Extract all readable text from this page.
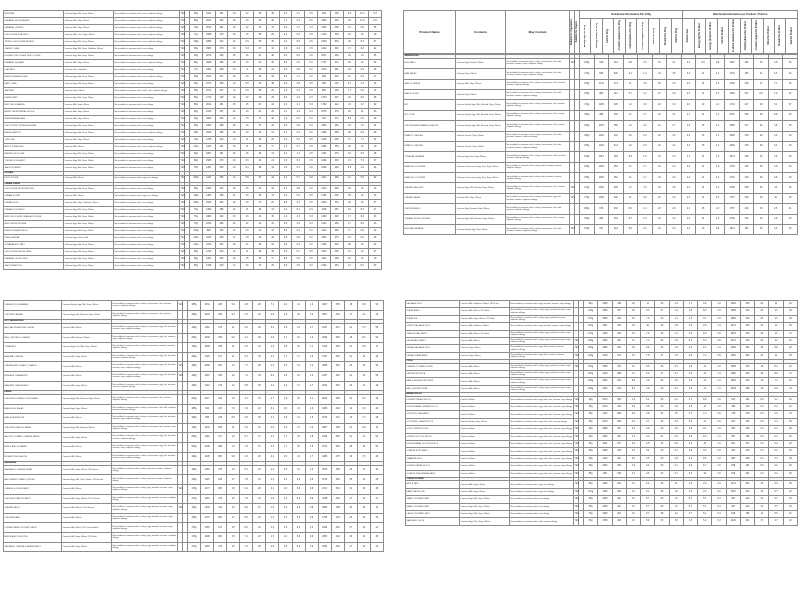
BROWNIE	Contains Egg, Milk, Soya, Wheat	Not suitable for someone with a nuts, sulphites allergy.	YES		95g	1932	461	24	12	55	38	3.1	4.1	0.5	438	105	5.6	11.4	5.3
CARAMEL SHORTBREAD	Contains Milk, Soya, Wheat	Not suitable for someone with a nuts, sulphites allergy.	YES		89g	2022	483	26	16	59	40	1.1	4.3	0.5	1800	430	23	14.3	8.9
CARAMEL CRISPIE	Contains Milk, Soya, Wheat	Not suitable for someone with a nuts, sulphites allergy.	YES		79g	2012	481	20	12	70	44	2.0	4.7	0.4	1590	380	16	9.5	55
CHOCOLATE FLAPJACK	Contains Milk, Oats, Soya, Wheat	Not suitable for someone with a nuts, sulphites allergy.	YES		71g	1998	478	26	14	55	29	4.2	6.3	0.3	1420	339	19	10	39
TRIPLE CHOCOLATE MUFFIN	Contains Egg, Milk, Soya, Wheat	Not suitable for someone with a nuts, sulphites allergy.	YES		120g	1858	444	21	6.9	56	35	2.2	5.9	0.6	2230	533	25	8.3	67
CARROT CAKE	Contains Egg, Milk, Soya, Sulphites, Wheat	Not suitable for someone with a nuts allergy.	YES		90g	1580	378	19	5.3	47	32	1.8	4.0	0.5	1422	340	17	4.8	42
DOUBLE CHOCOLATE CHIP COOKIE	Contains Egg, Milk, Soya, Wheat	Not suitable for someone with a nuts allergy.	YES		90g	2079	496	25	16	61	38	4.0	6.0	0.6	1871	446	22	14	55
CARAMEL SQUARE	Contains Milk, Soya, Wheat	Not suitable for someone with a nuts, sulphites allergy.	YES		86g	2008	480	25	14	61	45	0.9	4.0	0.4	1727	413	22	12	52
FLAPJACK	Contains Oats, Sulphites	Not suitable for someone with a nuts allergy.	YES		77g	1961	469	23	9	59	31	3.9	5.8	0.2	1510	361	18	6.9	45
FRESH CREAM ECLAIR	Contains Egg, Milk, Soya, Wheat	Not suitable for someone with a nuts, sulphites allergy.	YES		60g	1543	371	26	16	29	18	0.8	4.7	0.2	926	223	16	9.6	17
FAIRY CAKE	Contains Egg, Milk, Soya, Wheat	Not suitable for someone with a nuts allergy.	YES		35g	1673	399	19	6.5	53	38	0.6	3.8	0.5	586	140	6.7	2.3	19
JAM TART	Contains Soya, Wheat	Not suitable for someone with a milk, nuts, sulphites allergy.	YES		55g	1572	374	14	6.6	59	29	1.6	3.3	0.3	865	206	7.7	3.6	32
LEMON TART	Contains Egg, Milk, Soya, Wheat	Not suitable for someone with a nuts allergy.	YES		80g	1713	409	22	12	48	29	0.6	4.6	0.3	1370	327	18	9.6	38
MINT MILLIONAIRES	Contains Milk, Soya, Wheat	Not suitable for someone with a nuts allergy.	YES		86g	2014	481	25	15	61	44	1.0	4.1	0.4	1732	414	22	13	52
BERRY SHORTBREAD ROULE	Contains Milk, Soya, Wheat	Not suitable for someone with a nuts allergy.	YES		82g	1915	457	22	13	61	28	1.4	4.2	0.4	1570	375	18	11	50
GINGERBREAD MAN	Contains Milk, Soya, Wheat	Not suitable for someone with a nuts allergy.	YES		40g	1800	430	14	7.5	72	40	1.4	5.0	0.4	720	172	5.6	3.0	29
CHOCOLATE TOFFEE BROWNIE	Contains Egg, Milk, Soya, Wheat	Not suitable for someone with a nuts allergy.	YES		95g	1962	468	25	14	57	42	2.6	4.8	0.4	1864	445	24	13	54
DANISH PASTRY	Contains Egg, Milk, Soya, Wheat	Not suitable for someone with a nuts, sulphites allergy.	YES		98g	1529	365	20	10	40	14	2.1	5.4	0.6	1498	358	20	9.8	39
YUM YUM	Contains Milk, Soya, Wheat	Not suitable for someone with a nuts allergy.	YES		70g	1768	422	24	11	46	20	1.6	5.3	0.5	1238	295	17	7.7	32
APPLE TURNOVER	Contains Milk, Wheat	Not suitable for someone with a nuts, sulphites allergy.	YES		110g	1345	321	18	11	36	17	1.3	3.7	0.3	1480	353	20	12	40
PAIN AU CHOCOLAT	Contains Egg, Milk, Soya, Wheat	Not suitable for someone with a nuts allergy.	YES		60g	1887	451	26	16	46	13	2.4	7.4	0.8	1132	270	16	9.6	28
TOFFEE DOUGHNUT	Contains Egg, Milk, Soya, Wheat	Not suitable for someone with a nuts allergy.	YES		80g	1586	379	19	9.5	46	21	1.5	5.3	0.5	1269	303	15	7.6	37
JAM DOUGHNUT	Contains Egg, Milk, Soya, Wheat	Not suitable for someone with a nuts allergy.	YES		75g	1381	330	13	6.1	48	19	1.8	5.4	0.6	1036	248	9.8	4.6	36
SCONES																			
FRUIT SCONE	Contains Milk, Wheat	Not suitable for someone with a egg, nuts allergy.	YES		100g	1411	336	11	5.5	52	19	2.3	6.7	0.8	1411	336	11	5.5	52
CREAM CAKES																			
CHOCOLATE PROFITEROLES	Contains Egg, Milk, Soya, Wheat	Not suitable for someone with a nuts allergy.	YES		95g	1309	313	24	15	20	15	0.7	3.8	0.2	1244	298	23	14	19
CREAM SCONE	Contains Milk, Wheat	Not suitable for someone with a egg, nuts allergy.	YES		120g	1483	355	21	13	36	13	1.6	5.2	0.6	1780	426	25	16	43
CREAM SLICE	Contains Milk, Soya, Sulphites, Wheat	Not suitable for someone with a nuts allergy.	YES		100g	1520	364	22	13	37	21	0.8	3.1	0.2	1520	364	22	13	37
CREAM DOUGHNUT	Contains Egg, Milk, Soya, Wheat	Not suitable for someone with a nuts allergy.	YES		75g	1490	356	21	11	36	13	1.4	5.1	0.4	1118	267	16	8.3	27
MINI CHOCOLATE ORANGE SPONGE	Contains Egg, Milk, Soya, Wheat	Not suitable for someone with a nuts allergy.	YES		75g	1680	402	23	13	44	30	1.0	4.3	0.3	1260	302	17	9.8	33
MINI LEMON SPONGE	Contains Egg, Milk, Soya, Wheat	Not suitable for someone with a nuts allergy.	YES		75g	1630	390	22	12	44	31	0.6	4.0	0.3	1223	293	17	9.0	33
FRESH CREAM TRIFLE	Contains Egg, Milk, Soya, Wheat	Not suitable for someone with a nuts allergy.	YES		150g	808	193	11	6.5	21	16	0.5	2.3	0.1	1212	290	17	9.8	32
PEACH MELBA	Contains Egg, Gluten, Milk	Not suitable for someone with a nuts allergy.	YES		110g	1045	250	17	7.8	23	18	0.8	2.8	0.2	1150	275	19	8.6	25
STRAWBERRY TART	Contains Egg, Milk, Soya, Wheat	Not suitable for someone with a nuts allergy.	YES		110g	1230	294	18	11	29	16	1.0	3.4	0.2	1353	323	20	12	32
CHOCOLATE FUDGE CAKE	Contains Egg, Milk, Soya, Wheat	Not suitable for someone with a nuts allergy.	YES		95g	1740	416	22	11	49	36	2.5	5.1	0.5	1653	395	21	10	47
CARAMEL CHOUX BUN	Contains Egg, Milk, Soya, Wheat	Not suitable for someone with a nuts allergy.	YES		80g	1403	335	24	15	25	17	0.5	3.6	0.2	1122	268	19	12	20
JAM CREAM ROLL	Contains Egg, Milk, Soya, Wheat	Not suitable for someone with a nuts allergy.	YES		80g	1328	318	17	10	37	25	0.9	3.5	0.2	1062	254	14	8.0	30
Product Name	Contents	May Contain	Suitable for Vegetarians	Suitable for Vegans	Nutritional Information Per 100g									Nutritional Information per Product / Portion									
					Energy (kj) Per 100g	Energy (kcal) Per 100g	Fat Per 100g	of which saturates Per 100g	Carbohydrates Per 100g	of which sugars Per 100g	Fibre Per 100g	Protein Per 100g	Salt Per 100g	Portion Size	Energy (kj) Per Portion	Energy (kcal) Per Portion	Fat Per Portion	of which saturates Per Portion	Carbohydrates Per Portion	of which sugars Per Portion	Fibre Per Portion	Protein Per Portion	Salt Per Portion
SANDWICHES																			
EGG MAYO	Contains Egg, Mustard, Wheat	Not suitable for someone with a celery, crustaceans, fish, milk, mustard, sesame, soya, sulphites allergy.	YES		165g	918	219	9.8	2.3	22	3.1	2.3	9.9	0.9	1515	362	16	3.8	36
HAM SALAD	Contains Soya, Wheat	Not suitable for someone with a celery, crustaceans, fish, milk, mustard, sesame, soya, sulphites allergy.			175g	840	200	6.1	1.3	24	3.5	2.4	11	1.2	1470	350	11	2.3	42
HAM & CHEESE	Contains Milk, Soya, Wheat	Not suitable for someone with a celery, crustaceans, fish, mustard, sesame, sulphites allergy.			155g	1141	273	11	4.6	25	3.0	2.0	16	1.5	1769	423	17	7.1	39
HAM & PICKLE	Contains Soya, Wheat	Not suitable for someone with a celery, crustaceans, fish, milk, mustard, sesame, sulphites allergy.			155g	883	211	5.7	1.2	27	6.0	2.3	11	1.4	1369	327	8.8	1.9	42
BLT	Contains Barley, Egg, Milk, Mustard, Soya, Wheat	Not suitable for someone with a celery, crustaceans, fish, sesame, sulphites allergy.			170g	1025	245	12	3.0	22	3.4	2.0	10	1.2	1743	417	20	5.1	37
BLT CLUB	Contains Barley, Egg, Milk, Mustard, Soya, Wheat	Not suitable for someone with a celery, crustaceans, fish, sesame, sulphites allergy.			250g	988	236	11	2.7	22	3.1	2.1	11	1.1	2470	590	28	6.8	55
CHICKEN MAYONNAISE & BACON	Contains Barley, Egg, Milk, Mustard, Soya, Wheat	Not suitable for someone with a celery, crustaceans, fish, sesame, sulphites allergy.			185g	1079	258	12	2.6	21	2.7	1.8	16	1.1	1996	477	22	4.8	39
PEANUT CHICKEN	Contains Peanut, Soya, Wheat	Not suitable for someone with a celery, crustaceans, fish, milk, mustard, sesame, sulphites allergy.			180g	1022	244	10	1.8	22	4.1	2.3	15	1.1	1840	439	18	3.2	40
PEANUT CHICKEN	Contains Peanut, Soya, Wheat	Not suitable for someone with a celery, crustaceans, fish, milk, mustard, sesame, sulphites allergy.			180g	1022	244	10	1.8	22	4.1	2.3	15	1.1	1840	439	18	3.2	40
TUNA MAYONNAISE	Contains Egg, Fish, Soya, Wheat	Not suitable for someone with a celery, crustaceans, milk, mustard, sesame, sulphites allergy.			165g	1014	242	9.9	1.5	22	2.4	2.1	14	1.0	1673	400	16	2.5	36
SEAFOOD COCKTAIL	Contains Crustaceans, Egg, Fish, Soya, Wheat	Not suitable for someone with a celery, milk, mustard, sesame, sulphites allergy.			165g	1062	254	11	1.7	24	3.2	2.0	11	1.3	1752	419	18	2.8	40
SEAFOOD COCKTAIL	Contains Crustaceans, Egg, Fish, Soya, Wheat	Not suitable for someone with a celery, milk, mustard, sesame, sulphites allergy.			165g	1062	254	11	1.7	24	3.2	2.0	11	1.3	1752	419	18	2.8	40
CHEESE SAVOURY	Contains Egg, Milk, Mustard, Soya, Wheat	Not suitable for someone with a celery, crustaceans, fish, sesame, sulphites allergy.	YES		170g	1291	309	17	7.6	23	3.6	2.1	14	1.3	2195	525	29	13	39
CHEESE SALAD	Contains Milk, Soya, Wheat	Not suitable for someone with a celery, crustaceans, egg, fish, mustard, sesame, sulphites allergy.	YES		175g	1004	240	11	5.9	22	3.3	2.3	11	1.0	1757	420	19	10	39
CHICKEN MAYO	Contains Egg, Mustard, Soya, Wheat	Not suitable for someone with a celery, crustaceans, fish, milk, sesame, sulphites allergy.			180g	976	233	8.6	1.4	23	2.6	2.1	15	1.0	1757	419	15	2.5	41
CREAMY SPICE CHICKEN	Contains Egg, Milk, Mustard, Soya, Wheat	Not suitable for someone with a celery, crustaceans, fish, sesame, sulphites allergy.			180g	966	231	8.7	1.6	24	4.2	2.0	14	1.2	1739	416	16	2.9	43
EGG MAYONNAISE	Contains Barley, Egg, Soya, Wheat	Not suitable for someone with a celery, crustaceans, fish, milk, mustard, sesame, sulphites allergy.	YES		165g	917	219	9.5	2.2	22	2.9	2.3	10	0.9	1513	361	16	3.6	36
CHEESE PLOUGHMANS	Contains Barley, Egg, Milk, Soya, Wheat	Not suitable for someone with a celery, crustaceans, fish, mustard, sesame, sulphites allergy.	YES		185g	1031	246	9.9	4.8	28	7.2	2.4	11	1.2	1907	455	18	8.9	52
CHICKEN CAESAR	Contains Egg, Milk, Mustard, Soya, Wheat	Not suitable for someone with a celery, crustaceans, fish, sesame, sulphites allergy.			180g	1004	240	9.3	2.3	22	2.5	1.9	16	1.2	1807	432	17	4.1	40
HOT SANDWICHES																			
BBQ BACON AND RED ONION	Contains Milk, Wheat	Not suitable for someone with a celery, crustaceans, egg, fish, mustard, sesame, soya, sulphites allergy.			190g	1130	270	11	4.0	29	5.2	1.9	13	1.7	2147	513	21	7.6	55
BBQ CHICKEN & CHEESE	Contains Milk, Mustard, Wheat	Not suitable for someone with a celery, crustaceans, egg, fish, sesame, soya, sulphites allergy.			200g	1046	250	9.0	4.1	26	4.8	1.7	16	1.3	2092	500	18	8.2	52
TUNA MELT	Contains Egg, Fish, Milk, Soya, Wheat	Not suitable for someone with a celery, crustaceans, mustard, sesame, sulphites allergy.			195g	1085	259	11	4.5	24	2.6	1.8	15	1.1	2116	505	21	8.8	47
HAM AND CHEESE	Contains Milk, Soya, Wheat	Not suitable for someone with a celery, crustaceans, egg, fish, mustard, sesame, sulphites allergy.			190g	1135	271	11	5.3	26	3.2	1.7	17	1.6	2157	515	21	10	49
CHEESE AND TOMATO TOASTIE	Contains Milk, Wheat	Not suitable for someone with a celery, crustaceans, egg, fish, mustard, sesame, soya, sulphites allergy.	YES		180g	1260	301	14	7.7	28	4.2	1.8	14	1.2	2268	542	25	14	50
BRIE AND CRANBERRY	Contains Milk, Wheat	Not suitable for someone with a celery, crustaceans, egg, fish, mustard, sesame, soya, sulphites allergy.	YES		180g	1215	290	12	7.4	33	8.6	1.8	12	1.0	2187	522	22	13	59
HAM AND CHEESE MELT	Contains Milk, Soya, Wheat	Not suitable for someone with a celery, crustaceans, egg, fish, mustard, sesame, sulphites allergy.			195g	1140	273	12	5.8	25	3.0	1.6	17	1.7	2223	532	23	11	49
PANINI																			
CHICKEN & GREEN OLIVE SALAD	Contains Egg, Milk, Mustard, Soya, Wheat	Not suitable for someone with a celery, crustaceans, fish, sesame, sulphites allergy.			200g	1017	243	10	3.1	23	2.7	1.9	15	1.1	2034	486	20	6.2	46
HAM & EGG SALAD	Contains Egg, Soya, Wheat	Not suitable for someone with a celery, crustaceans, fish, milk, mustard, sesame, sulphites allergy.			185g	910	217	7.4	1.6	24	3.1	2.0	13	1.3	1684	402	14	3.0	44
HAM & MUSHROOM	Contains Milk, Wheat	Not suitable for someone with a celery, crustaceans, egg, fish, mustard, sesame, soya, sulphites allergy.			190g	985	235	8.5	3.9	25	2.1	1.8	14	1.5	1872	447	16	7.4	48
CHICKEN & BACON SALAD	Contains Egg, Milk, Mustard, Wheat	Not suitable for someone with a celery, crustaceans, fish, sesame, soya, sulphites allergy.			195g	1070	256	11	3.4	22	2.5	1.8	17	1.3	2087	499	21	6.6	43
BACON & TOMATO CHEESE PANINI	Contains Milk, Soya, Wheat	Not suitable for someone with a celery, crustaceans, egg, fish, mustard, sesame, sulphites allergy.			200g	1160	277	12	5.7	27	3.4	1.7	15	1.8	2320	554	24	11	54
BRIE & BACON PANINI	Contains Milk, Wheat	Not suitable for someone with a celery, crustaceans, egg, fish, mustard, sesame, soya, sulphites allergy.			200g	1236	295	14	7.6	27	3.6	1.7	15	1.6	2472	590	28	15	54
MUSHROOM & BACON	Contains Milk, Wheat	Not suitable for someone with a celery, crustaceans, egg, fish, mustard, sesame, soya, sulphites allergy.			190g	1045	250	9.9	4.0	26	2.4	1.9	13	1.7	1986	475	19	7.6	49
SAUSAGES																			
SAUSAGE & CHEESE WRAP	Contains Milk, Soya, Wheat, 20% Bacon	Not suitable for someone with a celery, mustard, sesame, sulphites allergy.			180g	1150	275	14	6.1	24	2.2	1.8	12	1.5	2070	495	25	11	43
BACON AND TOMATO QUICHE	Contains Egg, Milk, Soya, Wheat, 20% Bacon	Not suitable for someone with a celery, mustard, sesame, sulphites allergy.			150g	1115	266	17	7.8	19	2.3	1.0	9.4	0.9	1673	399	26	12	29
CHEESE & ONION PASTY	Contains Milk, Wheat	Not suitable for someone with a celery, egg, mustard, sesame, soya, sulphites allergy.	YES		170g	1277	305	18	9.2	28	2.2	1.6	8.6	0.8	2171	519	31	16	48
CHICKEN & BACON PASTY	Contains Milk, Soya, Wheat, 25% Chicken	Not suitable for someone with a celery, egg, mustard, sesame, sulphites allergy.			170g	1146	274	16	7.8	24	1.6	1.4	9.2	0.9	1948	466	27	13	41
CHEESE PASTY	Contains Milk, Wheat, 27% Cheese	Not suitable for someone with a celery, egg, mustard, sesame, soya, sulphites allergy.	YES		160g	1302	311	19	9.6	27	1.9	1.5	9.0	0.8	2083	498	30	15	43
CHICKEN BAKE	Contains Milk, Wheat	Not suitable for someone with a celery, egg, mustard, sesame, soya, sulphites allergy.			150g	1179	282	17	8.5	23	1.4	1.3	9.6	0.8	1769	423	26	13	35
CORNED BEEF & POTATO PASTY	Contains Milk, Wheat, 20% Corned Beef	Not suitable for someone with a celery, egg, mustard, sesame, soya, sulphites allergy.			170g	1135	271	16	8.0	24	1.2	1.5	8.4	1.0	1930	461	27	14	41
MINCE AND ONION PIE	Contains Milk, Soya, Wheat, 23% Beef	Not suitable for someone with a celery, egg, mustard, sesame, sulphites allergy.			170g	1090	260	15	7.4	23	1.3	1.4	8.6	0.9	1853	442	26	13	39
SAUSAGE, CHEESE & BEANS PASTY	Contains Milk, Soya, Wheat	Not suitable for someone with a celery, egg, mustard, sesame, sulphites allergy.			170g	1148	274	16	7.4	25	2.6	1.8	8.0	1.0	1952	466	27	13	42
SAUSAGE ROLL	Contains Milk, Sulphites, Wheat, 28% Pork	Not suitable for someone with a egg, mustard, sesame, soya allergy.			96g	1458	349	23	11	25	1.4	1.7	9.9	1.2	1400	335	22	11	24
STEAK BAKE	Contains Milk, Wheat, 20% Beef	Not suitable for someone with a celery, egg, mustard, sesame, soya, sulphites allergy.			145g	1283	307	18	9.3	27	1.2	1.5	8.9	0.9	1860	445	26	13	39
STEAK PIE	Contains Milk, Soya, Wheat, 22% Beef	Not suitable for someone with a celery, egg, mustard, sesame, sulphites allergy.			170g	1095	262	15	7.6	23	1.1	1.4	9.1	0.9	1862	445	26	13	39
CURRY SAUSAGE ROLL	Contains Milk, Sulphites, Wheat	Not suitable for someone with a egg, mustard, sesame, soya allergy.			100g	1421	340	22	10	25	1.8	1.9	9.5	1.3	1421	340	22	10	25
TRADITIONAL PASTY	Contains Milk, Wheat, 20% Beef	Not suitable for someone with a celery, egg, mustard, sesame, soya, sulphites allergy.			170g	1105	264	15	7.6	24	1.2	1.6	8.3	0.9	1879	449	26	13	41
VEGETABLE PASTY	Contains Milk, Wheat	Not suitable for someone with a celery, egg, mustard, sesame, soya, sulphites allergy.	YES		160g	1046	250	14	7.3	26	2.6	2.2	5.3	0.8	1674	400	23	12	42
VEGAN SAUSAGE ROLL	Contains Soya, Wheat	Not suitable for someone with a egg, milk, mustard, sesame, sulphites allergy.	YES		100g	1260	301	18	8.8	26	1.6	3.1	8.7	1.1	1260	301	18	8.8	26
VEGAN STEAK BAKE	Contains Soya, Wheat	Not suitable for someone with a egg, milk, mustard, sesame, sulphites allergy.	YES		145g	1139	272	15	7.8	27	1.5	2.9	7.4	0.9	1652	394	22	11	39
PIZZA																			
CHEESE & TOMATO PIZZA	Contains Milk, Wheat	Not suitable for someone with a celery, egg, mustard, sesame, soya, sulphites allergy.	YES		150g	1055	252	10	5.6	28	3.4	1.9	12	1.0	1583	378	15	8.4	42
PEPPERONI PIZZA	Contains Milk, Wheat	Not suitable for someone with a celery, egg, mustard, sesame, soya, sulphites allergy.			150g	1120	268	12	5.9	27	3.1	1.8	13	1.3	1680	402	18	8.9	41
HAM & MUSHROOM PIZZA	Contains Milk, Wheat	Not suitable for someone with a celery, egg, mustard, sesame, soya, sulphites allergy.			150g	1002	240	8.8	4.8	28	3.0	1.9	13	1.2	1503	360	13	7.2	42
BBQ CHICKEN PIZZA	Contains Milk, Wheat	Not suitable for someone with a celery, egg, mustard, sesame, soya, sulphites allergy.			150g	1022	244	8.7	4.6	29	5.1	1.8	14	1.1	1533	366	13	6.9	44
BREAD ROLLS																			
4 WHITE DINNER ROLLS	Contains Wheat	Not suitable for someone with a egg, milk, nuts, sesame, soya allergy.	YES		48g	1070	253	1.6	0.3	50	2.2	2.7	8.8	1.0	514	121	0.8	0.1	24
4 WHOLEMEAL DINNER ROLLS	Contains Wheat	Not suitable for someone with a egg, milk, nuts, sesame, soya allergy.	YES		48g	1013	240	2.8	0.5	43	2.8	6.3	10	1.0	486	115	1.3	0.2	21
4 FRUITED TEACAKES	Contains Wheat	Not suitable for someone with a egg, milk, nuts, sesame, soya allergy.	YES		65g	1137	269	3.6	0.8	51	15	2.7	7.4	0.6	739	175	2.3	0.5	33
4 COUNTRY GRAIN ROLLS	Contains Barley, Soya, Wheat	Not suitable for someone with a egg, milk, nuts, sesame allergy.	YES		60g	1079	256	4.4	0.7	43	3.3	5.3	11	1.0	647	154	2.6	0.4	26
4 SOFT WHITE ROLLS	Contains Wheat	Not suitable for someone with a egg, milk, nuts, sesame, soya allergy.	YES		60g	1088	257	2.3	0.5	49	3.0	2.6	9.1	1.0	653	154	1.4	0.3	29
4 WHITE SCOTCH ROLLS	Contains Wheat	Not suitable for someone with a egg, milk, nuts, sesame, soya allergy.	YES		62g	1060	250	1.4	0.3	51	2.0	2.5	8.6	1.1	657	155	0.9	0.2	32
6 WHOLEMEAL SCOTCH ROLLS	Contains Wheat	Not suitable for someone with a egg, milk, nuts, sesame, soya allergy.	YES		62g	1001	237	2.6	0.5	42	2.6	6.1	10	1.0	621	147	1.6	0.3	26
6 LARGE SOFT BAPS	Contains Wheat	Not suitable for someone with a egg, milk, nuts, sesame, soya allergy.	YES		85g	1082	256	2.2	0.4	49	3.1	2.6	9.0	0.9	920	218	1.9	0.3	42
CIABATTA ROLL	Contains Wheat	Not suitable for someone with a egg, milk, nuts, sesame, soya allergy.	YES		80g	1102	261	3.0	0.5	49	1.8	2.4	8.5	1.2	882	209	2.4	0.4	39
6 WHITE BREAD ROLLS	Contains Wheat	Not suitable for someone with a egg, milk, nuts, sesame, soya allergy.	YES		60g	1064	252	1.5	0.3	50	2.1	2.6	8.7	1.0	638	151	0.9	0.2	30
4 LARGE WHOLEMEAL BAPS	Contains Wheat	Not suitable for someone with a egg, milk, nuts, sesame, soya allergy.	YES		85g	999	236	2.7	0.5	42	2.7	6.2	10	1.0	849	201	2.3	0.4	36
CONFECTIONERY																			
APPLE TART	Contains Milk, Soya, Wheat	Not suitable for someone with a egg, nuts allergy.	YES		90g	1245	297	14	6.5	39	21	1.5	2.8	0.2	1121	267	13	5.9	35
FAMILY APPLE PIE	Contains Milk, Soya, Wheat	Not suitable for someone with a egg, nuts allergy.	YES		110g	1188	284	13	6.1	38	18	1.6	3.0	0.2	1307	312	14	6.7	42
SMALL CUSTARD TART	Contains Egg, Milk, Soya, Wheat	Not suitable for someone with a nuts allergy.	YES		85g	1090	261	14	6.7	28	14	0.7	5.1	0.3	927	222	12	5.7	24
SMALL CUSTARD TART	Contains Egg, Milk, Soya, Wheat	Not suitable for someone with a nuts allergy.	YES		85g	1090	261	14	6.7	28	14	0.7	5.1	0.3	927	222	12	5.7	24
LARGE CUSTARD TART	Contains Egg, Milk, Soya, Wheat	Not suitable for someone with a nuts allergy.	YES		75g	1090	261	14	6.7	28	14	0.7	5.1	0.3	818	196	11	5.0	21
BAKEWELL SLICE	Contains Egg, Nuts, Soya, Wheat	Not suitable for someone with a milk, sesame allergy.	YES		80g	1780	426	21	5.9	53	33	1.5	5.2	0.3	1424	341	17	4.7	42
